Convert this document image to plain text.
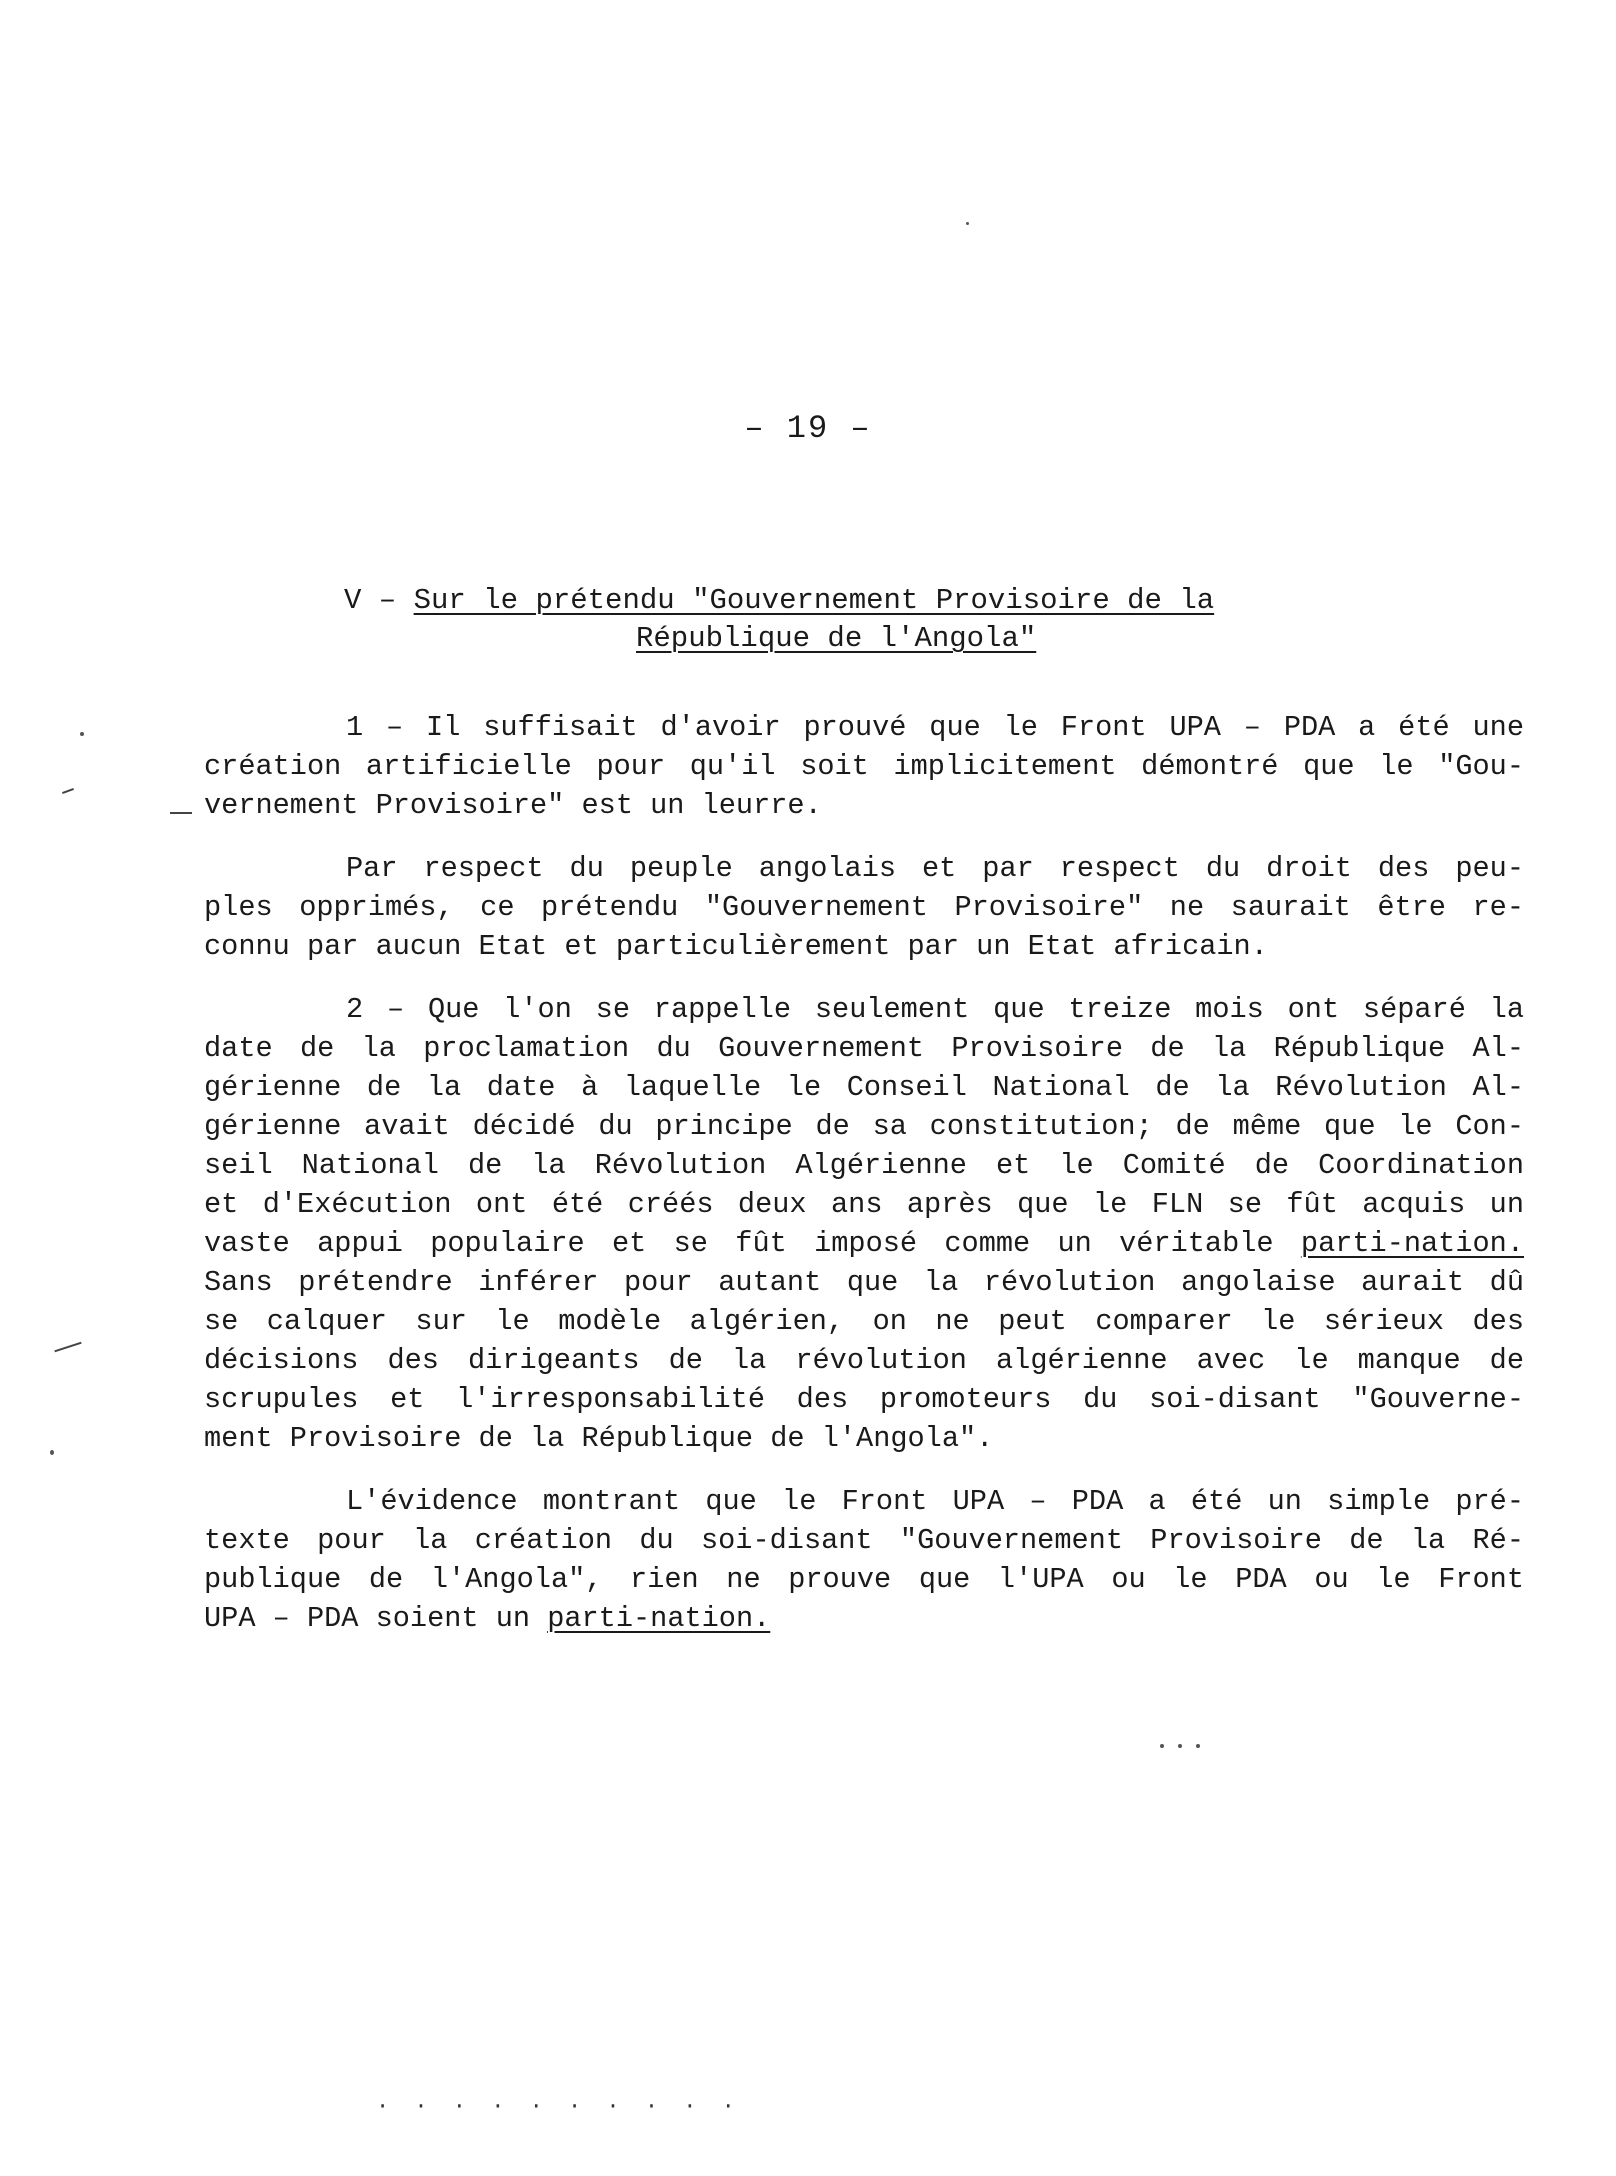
– 19 –
V – Sur le prétendu "Gouvernement Provisoire de la
République de l'Angola"
1 – Il suffisait d'avoir prouvé que le Front UPA – PDA a été une
création artificielle pour qu'il soit implicitement démontré que le "Gou-
vernement Provisoire" est un leurre.
Par respect du peuple angolais et par respect du droit des peu-
ples opprimés, ce prétendu "Gouvernement Provisoire" ne saurait être re-
connu par aucun Etat et particulièrement par un Etat africain.
2 – Que l'on se rappelle seulement que treize mois ont séparé la
date de la proclamation du Gouvernement Provisoire de la République Al-
gérienne de la date à laquelle le Conseil National de la Révolution Al-
gérienne avait décidé du principe de sa constitution; de même que le Con-
seil National de la Révolution Algérienne et le Comité de Coordination
et d'Exécution ont été créés deux ans après que le FLN se fût acquis un
vaste appui populaire et se fût imposé comme un véritable parti-nation.
Sans prétendre inférer pour autant que la révolution angolaise aurait dû
se calquer sur le modèle algérien, on ne peut comparer le sérieux des
décisions des dirigeants de la révolution algérienne avec le manque de
scrupules et l'irresponsabilité des promoteurs du soi-disant "Gouverne-
ment Provisoire de la République de l'Angola".
L'évidence montrant que le Front UPA – PDA a été un simple pré-
texte pour la création du soi-disant "Gouvernement Provisoire de la Ré-
publique de l'Angola", rien ne prouve que l'UPA ou le PDA ou le Front
UPA – PDA soient un parti-nation.
· · · · · · · · · ·
